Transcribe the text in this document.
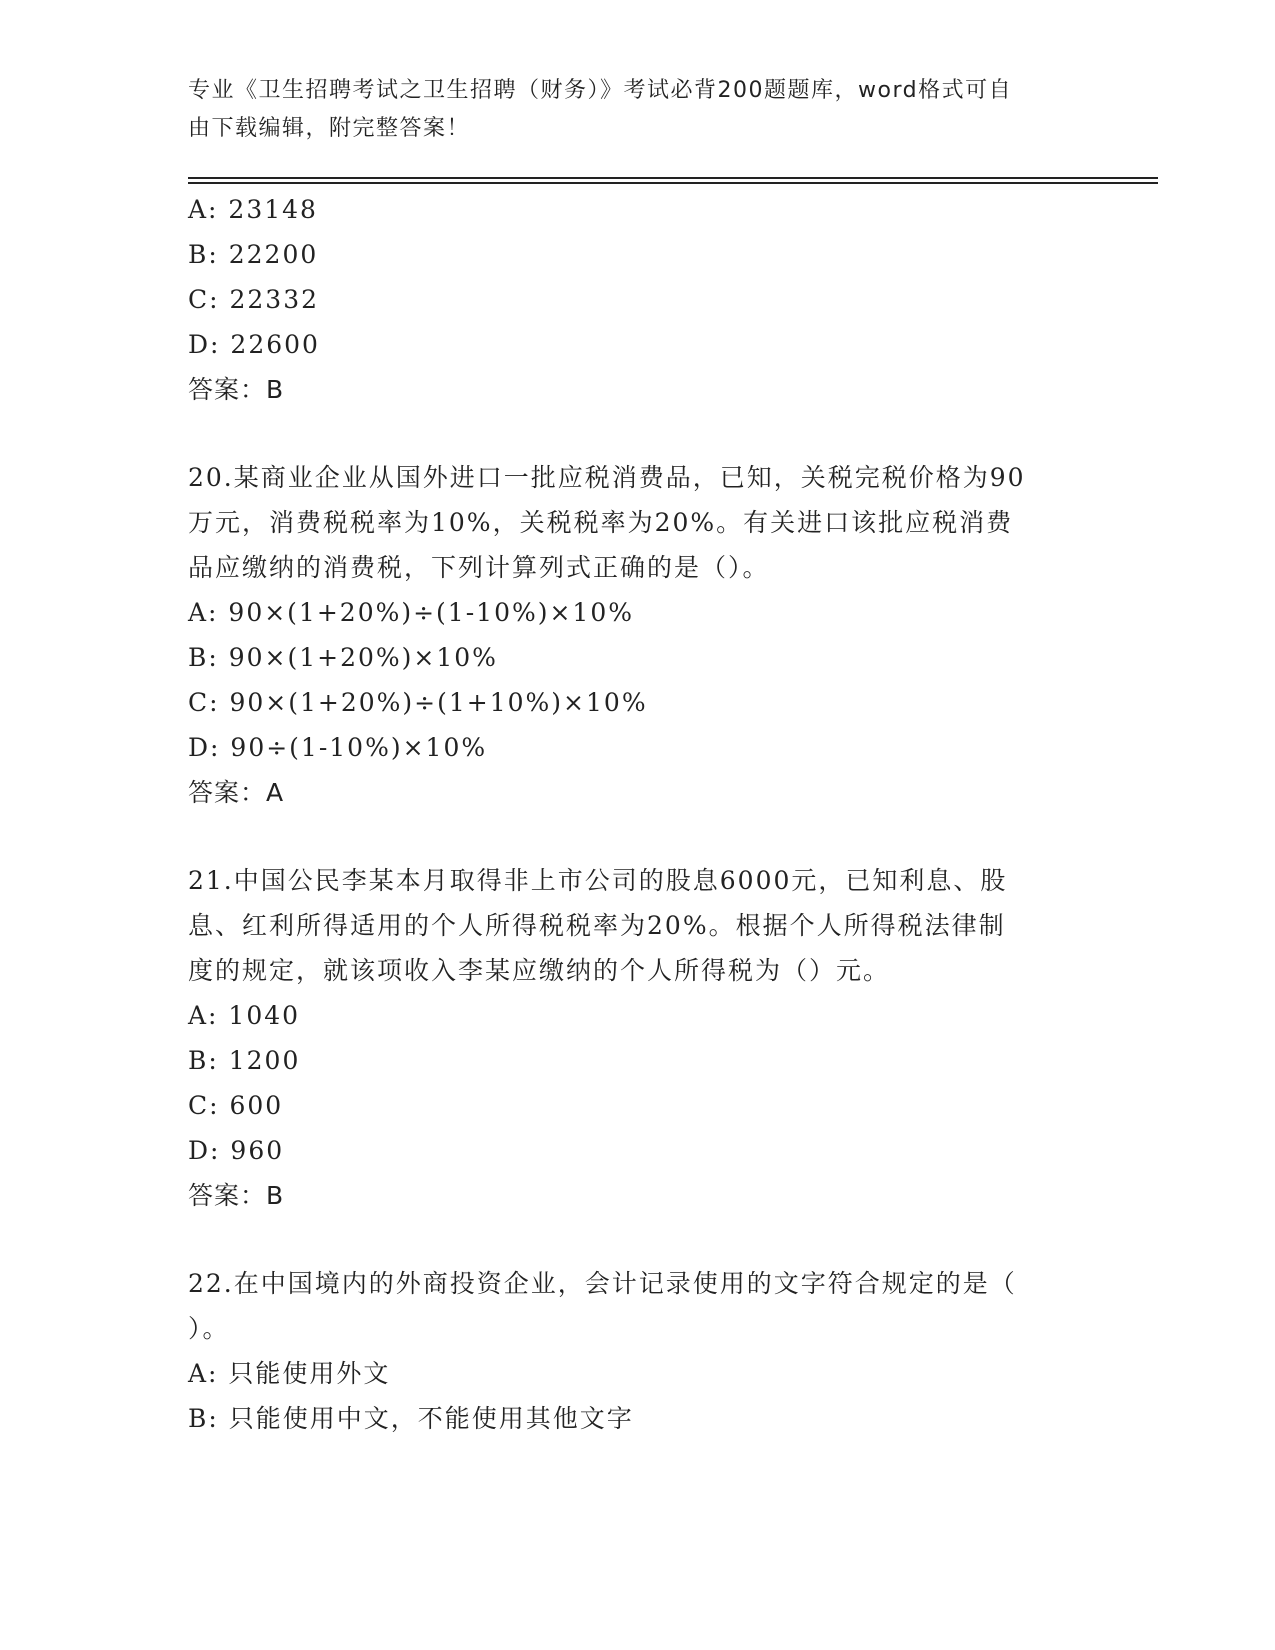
专业《卫生招聘考试之卫生招聘（财务）》考试必背200题题库，word格式可自
由下载编辑，附完整答案！
A: 23148
B: 22200
C: 22332
D: 22600
答案：B
20.某商业企业从国外进口一批应税消费品，已知，关税完税价格为90
万元，消费税税率为10%，关税税率为20%。有关进口该批应税消费
品应缴纳的消费税，下列计算列式正确的是（）。
A: 90×(1+20%)÷(1-10%)×10%
B: 90×(1+20%)×10%
C: 90×(1+20%)÷(1+10%)×10%
D: 90÷(1-10%)×10%
答案：A
21.中国公民李某本月取得非上市公司的股息6000元，已知利息、股
息、红利所得适用的个人所得税税率为20%。根据个人所得税法律制
度的规定，就该项收入李某应缴纳的个人所得税为（）元。
A: 1040
B: 1200
C: 600
D: 960
答案：B
22.在中国境内的外商投资企业，会计记录使用的文字符合规定的是（
）。
A: 只能使用外文
B: 只能使用中文，不能使用其他文字
